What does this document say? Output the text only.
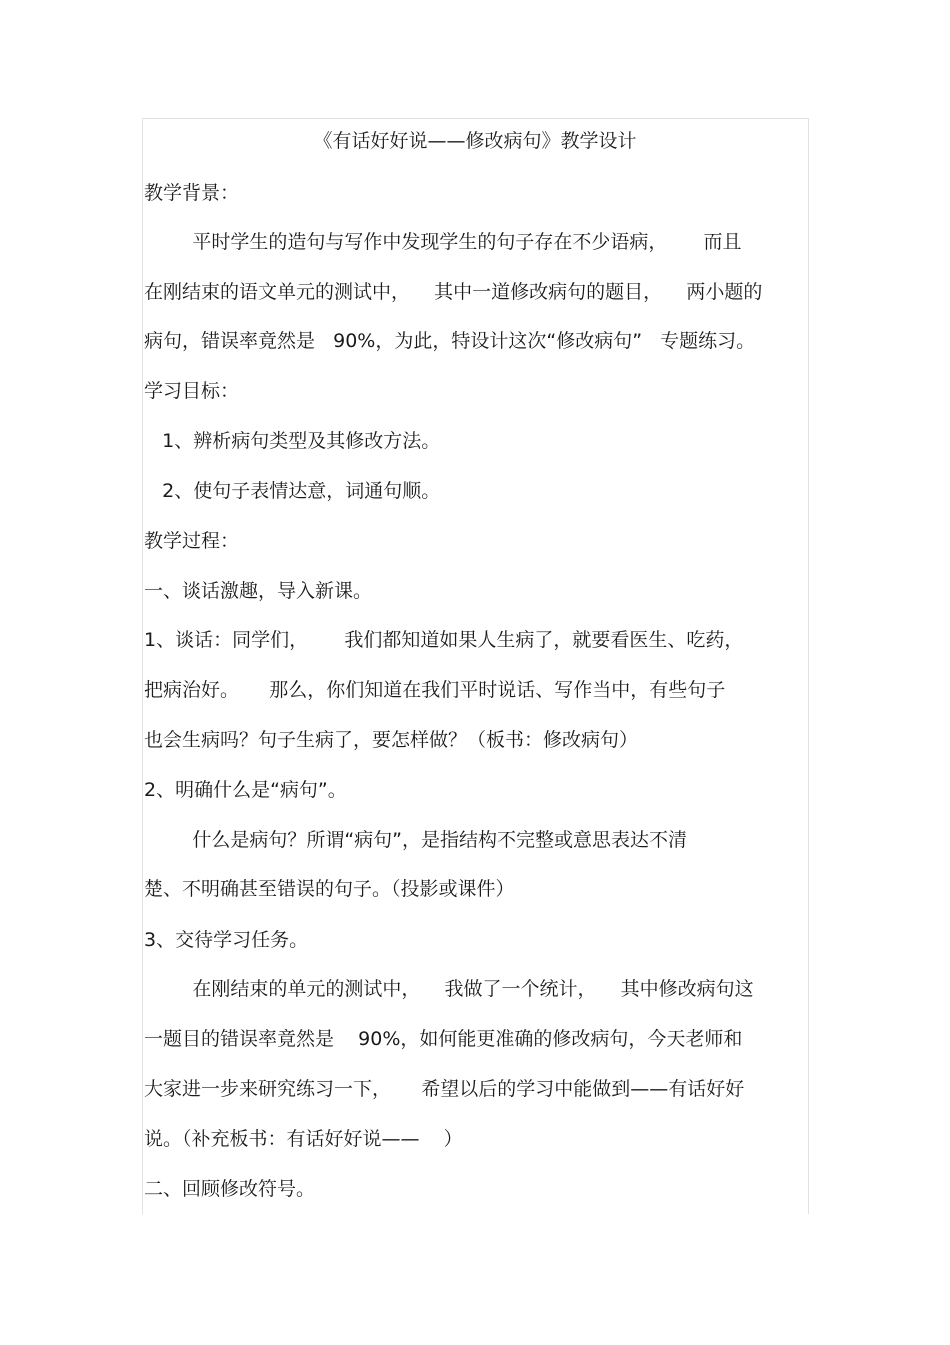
《有话好好说——修改病句》教学设计
教学背景：
平时学生的造句与写作中发现学生的句子存在不少语病，      而且
在刚结束的语文单元的测试中，    其中一道修改病句的题目，    两小题的
病句，错误率竟然是   90%，为此，特设计这次“修改病句”   专题练习。
学习目标：
1、辨析病句类型及其修改方法。
2、使句子表情达意，词通句顺。
教学过程：
一、谈话激趣，导入新课。
1、谈话：同学们，      我们都知道如果人生病了，就要看医生、吃药，
把病治好。     那么，你们知道在我们平时说话、写作当中，有些句子
也会生病吗？句子生病了，要怎样做？（板书：修改病句）
2、明确什么是“病句”。
什么是病句？所谓“病句”，是指结构不完整或意思表达不清
楚、不明确甚至错误的句子。（投影或课件）
3、交待学习任务。
在刚结束的单元的测试中，    我做了一个统计，    其中修改病句这
一题目的错误率竟然是    90%，如何能更准确的修改病句，今天老师和
大家进一步来研究练习一下，     希望以后的学习中能做到——有话好好
说。（补充板书：有话好好说——    ）
二、回顾修改符号。
